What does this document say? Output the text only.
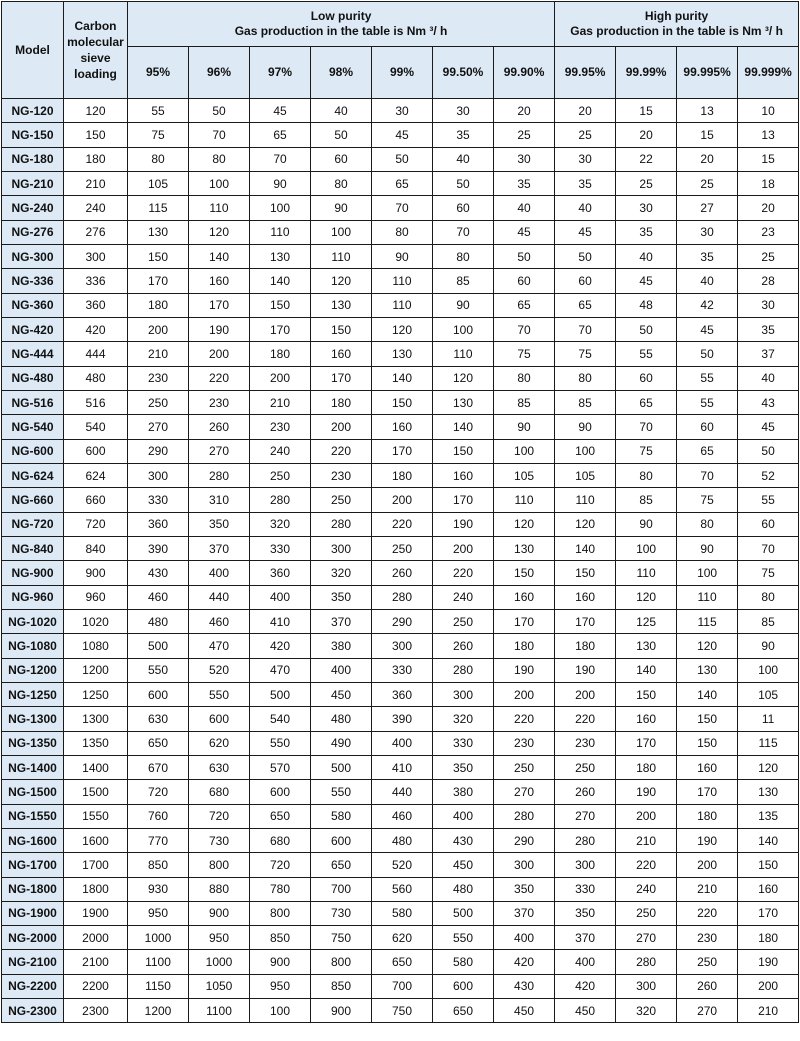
Model	Carbon molecular sieve loading	Low purity
Gas production in the table is Nm ³/ h							High purity
Gas production in the table is Nm ³/ h			
		95%	96%	97%	98%	99%	99.50%	99.90%	99.95%	99.99%	99.995%	99.999%
NG-120	120	55	50	45	40	30	30	20	20	15	13	10
NG-150	150	75	70	65	50	45	35	25	25	20	15	13
NG-180	180	80	80	70	60	50	40	30	30	22	20	15
NG-210	210	105	100	90	80	65	50	35	35	25	25	18
NG-240	240	115	110	100	90	70	60	40	40	30	27	20
NG-276	276	130	120	110	100	80	70	45	45	35	30	23
NG-300	300	150	140	130	110	90	80	50	50	40	35	25
NG-336	336	170	160	140	120	110	85	60	60	45	40	28
NG-360	360	180	170	150	130	110	90	65	65	48	42	30
NG-420	420	200	190	170	150	120	100	70	70	50	45	35
NG-444	444	210	200	180	160	130	110	75	75	55	50	37
NG-480	480	230	220	200	170	140	120	80	80	60	55	40
NG-516	516	250	230	210	180	150	130	85	85	65	55	43
NG-540	540	270	260	230	200	160	140	90	90	70	60	45
NG-600	600	290	270	240	220	170	150	100	100	75	65	50
NG-624	624	300	280	250	230	180	160	105	105	80	70	52
NG-660	660	330	310	280	250	200	170	110	110	85	75	55
NG-720	720	360	350	320	280	220	190	120	120	90	80	60
NG-840	840	390	370	330	300	250	200	130	140	100	90	70
NG-900	900	430	400	360	320	260	220	150	150	110	100	75
NG-960	960	460	440	400	350	280	240	160	160	120	110	80
NG-1020	1020	480	460	410	370	290	250	170	170	125	115	85
NG-1080	1080	500	470	420	380	300	260	180	180	130	120	90
NG-1200	1200	550	520	470	400	330	280	190	190	140	130	100
NG-1250	1250	600	550	500	450	360	300	200	200	150	140	105
NG-1300	1300	630	600	540	480	390	320	220	220	160	150	11
NG-1350	1350	650	620	550	490	400	330	230	230	170	150	115
NG-1400	1400	670	630	570	500	410	350	250	250	180	160	120
NG-1500	1500	720	680	600	550	440	380	270	260	190	170	130
NG-1550	1550	760	720	650	580	460	400	280	270	200	180	135
NG-1600	1600	770	730	680	600	480	430	290	280	210	190	140
NG-1700	1700	850	800	720	650	520	450	300	300	220	200	150
NG-1800	1800	930	880	780	700	560	480	350	330	240	210	160
NG-1900	1900	950	900	800	730	580	500	370	350	250	220	170
NG-2000	2000	1000	950	850	750	620	550	400	370	270	230	180
NG-2100	2100	1100	1000	900	800	650	580	420	400	280	250	190
NG-2200	2200	1150	1050	950	850	700	600	430	420	300	260	200
NG-2300	2300	1200	1100	100	900	750	650	450	450	320	270	210
